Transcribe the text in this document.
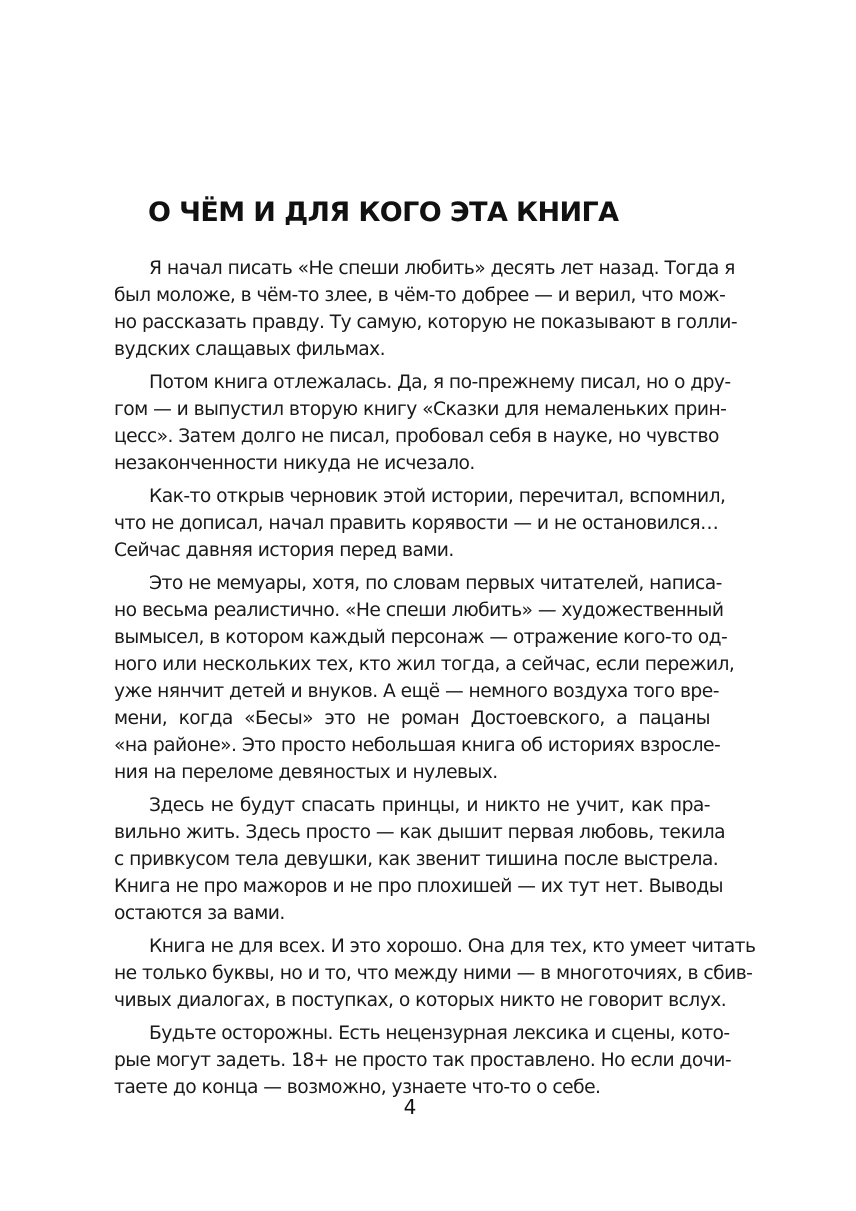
О ЧЁМ И ДЛЯ КОГО ЭТА КНИГА

Я начал писать «Не спеши любить» десять лет назад. Тогда я
был моложе, в чём-то злее, в чём-то добрее — и верил, что мож-
но рассказать правду. Ту самую, которую не показывают в голли-
вудских слащавых фильмах.

Потом книга отлежалась. Да, я по-прежнему писал, но о дру-
гом — и выпустил вторую книгу «Сказки для немаленьких прин-
цесс». Затем долго не писал, пробовал себя в науке, но чувство
незаконченности никуда не исчезало.

Как-то открыв черновик этой истории, перечитал, вспомнил,
что не дописал, начал править корявости — и не остановился…
Сейчас давняя история перед вами.

Это не мемуары, хотя, по словам первых читателей, написа-
но весьма реалистично. «Не спеши любить» — художественный
вымысел, в котором каждый персонаж — отражение кого-то од-
ного или нескольких тех, кто жил тогда, а сейчас, если пережил,
уже нянчит детей и внуков. А ещё — немного воздуха того вре-
мени, когда «Бесы» это не роман Достоевского, а пацаны
«на районе». Это просто небольшая книга об историях взросле-
ния на переломе девяностых и нулевых.

Здесь не будут спасать принцы, и никто не учит, как пра-
вильно жить. Здесь просто — как дышит первая любовь, текила
с привкусом тела девушки, как звенит тишина после выстрела.
Книга не про мажоров и не про плохишей — их тут нет. Выводы
остаются за вами.

Книга не для всех. И это хорошо. Она для тех, кто умеет читать
не только буквы, но и то, что между ними — в многоточиях, в сбив-
чивых диалогах, в поступках, о которых никто не говорит вслух.

Будьте осторожны. Есть нецензурная лексика и сцены, кото-
рые могут задеть. 18+ не просто так проставлено. Но если дочи-
таете до конца — возможно, узнаете что-то о себе.

4
